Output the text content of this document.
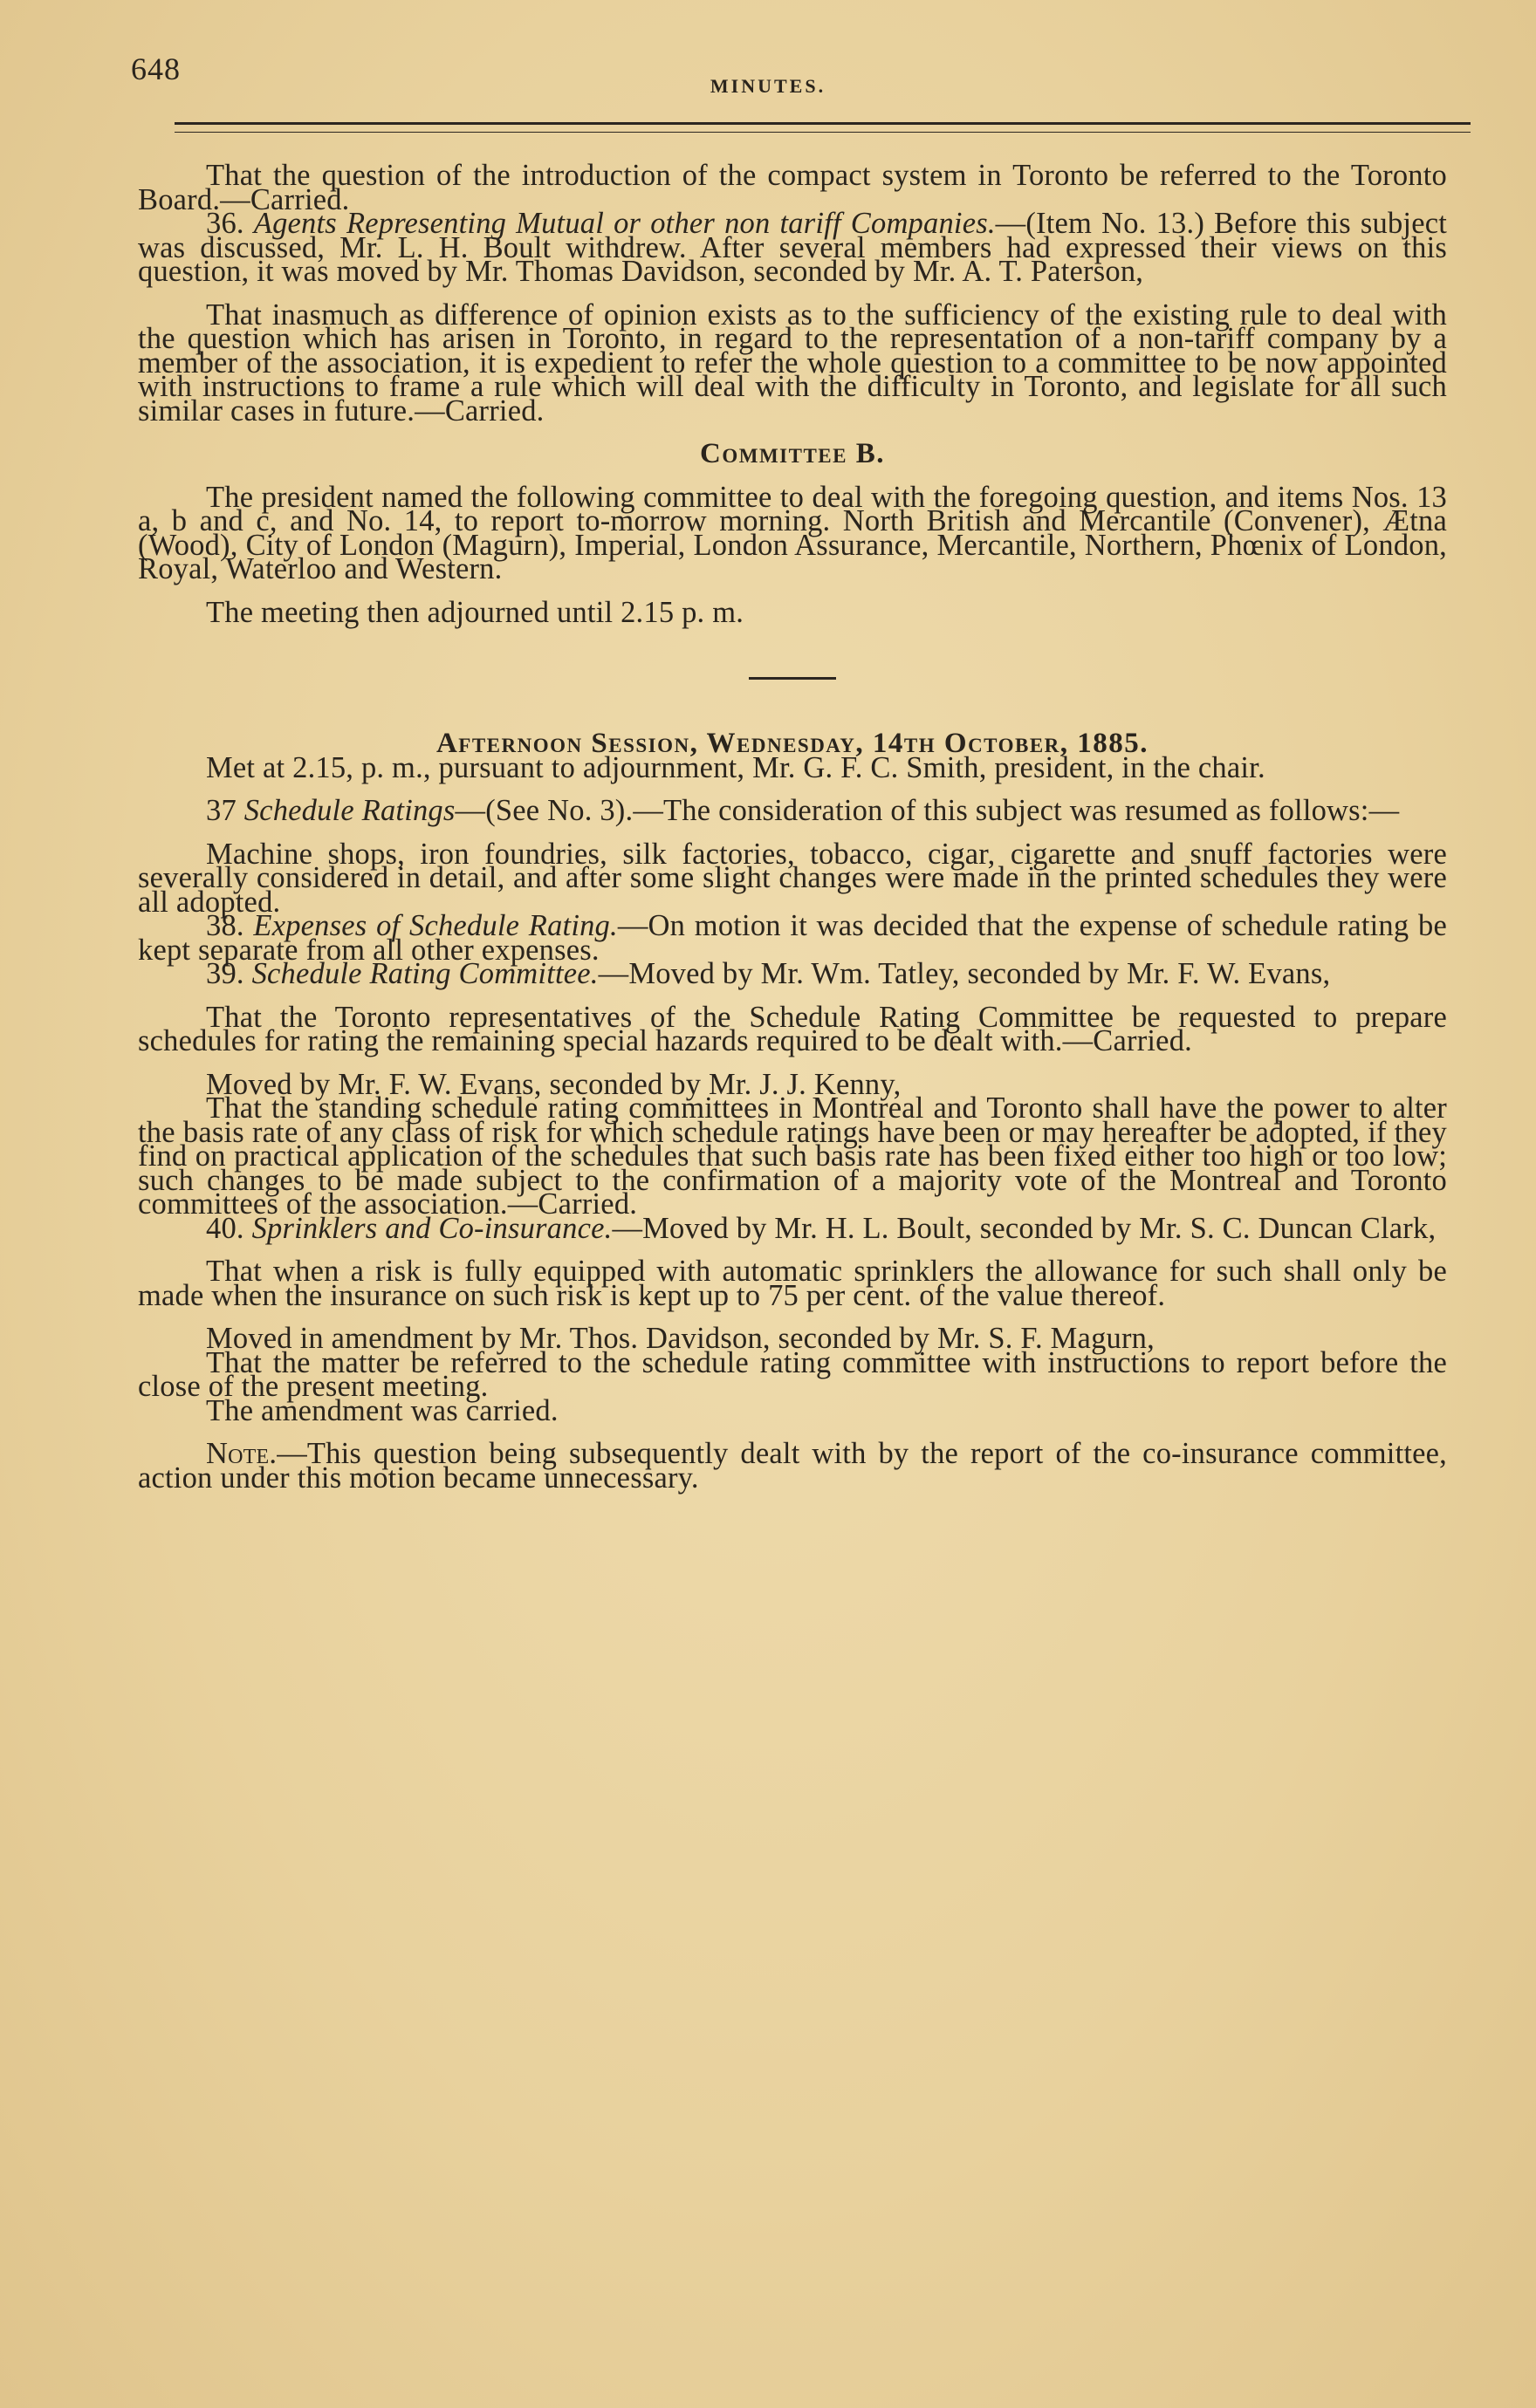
648	MINUTES.

That the question of the introduction of the compact system in Toronto be referred to the Toronto Board.—Carried.

36. Agents Representing Mutual or other non tariff Companies.—(Item No. 13.) Before this subject was discussed, Mr. L. H. Boult withdrew. After several members had expressed their views on this question, it was moved by Mr. Thomas Davidson, seconded by Mr. A. T. Paterson,

That inasmuch as difference of opinion exists as to the sufficiency of the existing rule to deal with the question which has arisen in Toronto, in regard to the representation of a non-tariff company by a member of the association, it is expedient to refer the whole question to a committee to be now appointed with instructions to frame a rule which will deal with the difficulty in Toronto, and legislate for all such similar cases in future.—Carried.

Committee B.

The president named the following committee to deal with the foregoing question, and items Nos. 13 a, b and c, and No. 14, to report to-morrow morning. North British and Mercantile (Convener), Ætna (Wood), City of London (Magurn), Imperial, London Assurance, Mercantile, Northern, Phœnix of London, Royal, Waterloo and Western.

The meeting then adjourned until 2.15 p. m.

Afternoon Session, Wednesday, 14th October, 1885.

Met at 2.15, p. m., pursuant to adjournment, Mr. G. F. C. Smith, president, in the chair.

37 Schedule Ratings—(See No. 3).—The consideration of this subject was resumed as follows:—

Machine shops, iron foundries, silk factories, tobacco, cigar, cigarette and snuff factories were severally considered in detail, and after some slight changes were made in the printed schedules they were all adopted.

38. Expenses of Schedule Rating.—On motion it was decided that the expense of schedule rating be kept separate from all other expenses.

39. Schedule Rating Committee.—Moved by Mr. Wm. Tatley, seconded by Mr. F. W. Evans,

That the Toronto representatives of the Schedule Rating Committee be requested to prepare schedules for rating the remaining special hazards required to be dealt with.—Carried.

Moved by Mr. F. W. Evans, seconded by Mr. J. J. Kenny,

That the standing schedule rating committees in Montreal and Toronto shall have the power to alter the basis rate of any class of risk for which schedule ratings have been or may hereafter be adopted, if they find on practical application of the schedules that such basis rate has been fixed either too high or too low; such changes to be made subject to the confirmation of a majority vote of the Montreal and Toronto committees of the association.—Carried.

40. Sprinklers and Co-insurance.—Moved by Mr. H. L. Boult, seconded by Mr. S. C. Duncan Clark,

That when a risk is fully equipped with automatic sprinklers the allowance for such shall only be made when the insurance on such risk is kept up to 75 per cent. of the value thereof.

Moved in amendment by Mr. Thos. Davidson, seconded by Mr. S. F. Magurn,

That the matter be referred to the schedule rating committee with instructions to report before the close of the present meeting.

The amendment was carried.

Note.—This question being subsequently dealt with by the report of the co-insurance committee, action under this motion became unnecessary.
